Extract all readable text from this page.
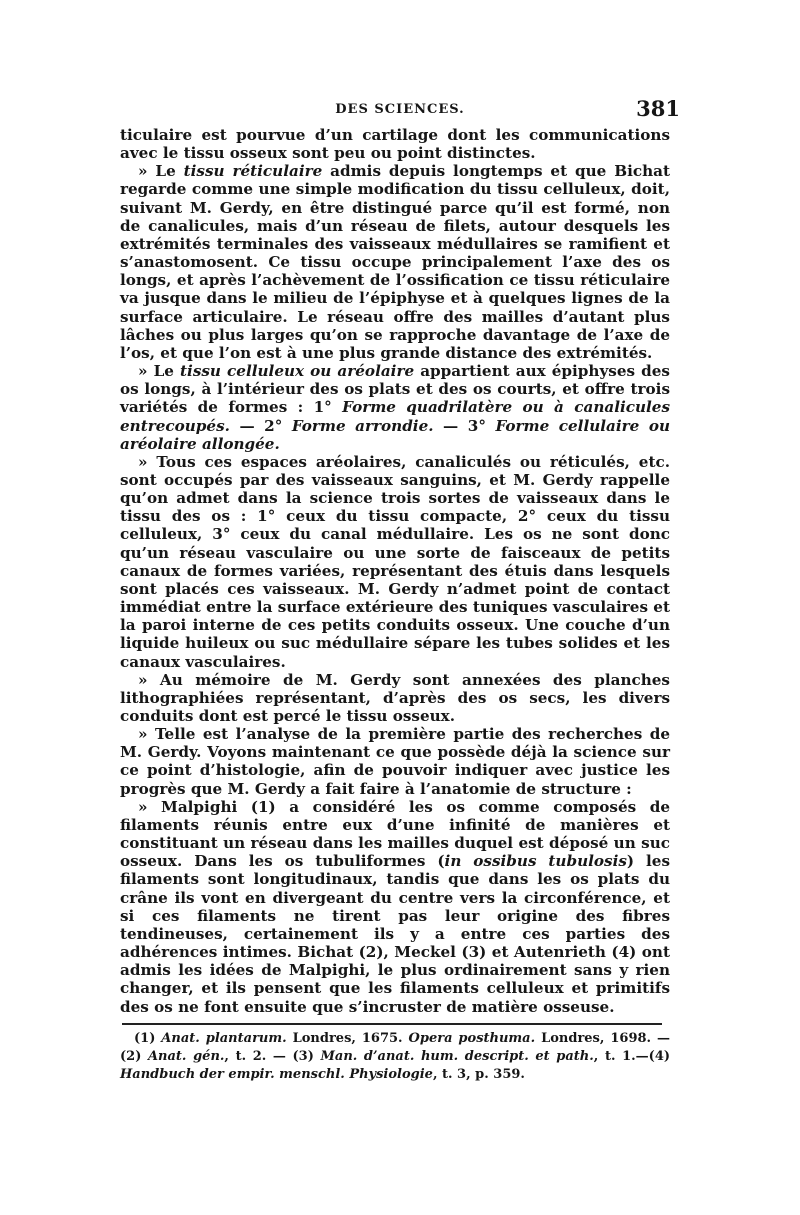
DES SCIENCES.	381

ticulaire est pourvue d’un cartilage dont les communications avec le tissu osseux sont peu ou point distinctes.

» Le tissu réticulaire admis depuis longtemps et que Bichat regarde comme une simple modification du tissu celluleux, doit, suivant M. Gerdy, en être distingué parce qu’il est formé, non de canalicules, mais d’un réseau de filets, autour desquels les extrémités terminales des vaisseaux médullaires se ramifient et s’anastomosent. Ce tissu occupe principalement l’axe des os longs, et après l’achèvement de l’ossification ce tissu réticulaire va jusque dans le milieu de l’épiphyse et à quelques lignes de la surface articulaire. Le réseau offre des mailles d’autant plus lâches ou plus larges qu’on se rapproche davantage de l’axe de l’os, et que l’on est à une plus grande distance des extrémités.

» Le tissu celluleux ou aréolaire appartient aux épiphyses des os longs, à l’intérieur des os plats et des os courts, et offre trois variétés de formes : 1° Forme quadrilatère ou à canalicules entrecoupés. — 2° Forme arrondie. — 3° Forme cellulaire ou aréolaire allongée.

» Tous ces espaces aréolaires, canaliculés ou réticulés, etc. sont occupés par des vaisseaux sanguins, et M. Gerdy rappelle qu’on admet dans la science trois sortes de vaisseaux dans le tissu des os : 1° ceux du tissu compacte, 2° ceux du tissu celluleux, 3° ceux du canal médullaire. Les os ne sont donc qu’un réseau vasculaire ou une sorte de faisceaux de petits canaux de formes variées, représentant des étuis dans lesquels sont placés ces vaisseaux. M. Gerdy n’admet point de contact immédiat entre la surface extérieure des tuniques vasculaires et la paroi interne de ces petits conduits osseux. Une couche d’un liquide huileux ou suc médullaire sépare les tubes solides et les canaux vasculaires.

» Au mémoire de M. Gerdy sont annexées des planches lithographiées représentant, d’après des os secs, les divers conduits dont est percé le tissu osseux.

» Telle est l’analyse de la première partie des recherches de M. Gerdy. Voyons maintenant ce que possède déjà la science sur ce point d’histologie, afin de pouvoir indiquer avec justice les progrès que M. Gerdy a fait faire à l’anatomie de structure :

» Malpighi (1) a considéré les os comme composés de filaments réunis entre eux d’une infinité de manières et constituant un réseau dans les mailles duquel est déposé un suc osseux. Dans les os tubuliformes (in ossibus tubulosis) les filaments sont longitudinaux, tandis que dans les os plats du crâne ils vont en divergeant du centre vers la circonférence, et si ces filaments ne tirent pas leur origine des fibres tendineuses, certainement ils y a entre ces parties des adhérences intimes. Bichat (2), Meckel (3) et Autenrieth (4) ont admis les idées de Malpighi, le plus ordinairement sans y rien changer, et ils pensent que les filaments celluleux et primitifs des os ne font ensuite que s’incruster de matière osseuse.

(1) Anat. plantarum. Londres, 1675. Opera posthuma. Londres, 1698. — (2) Anat. gén., t. 2. — (3) Man. d’anat. hum. descript. et path., t. 1.—(4) Handbuch der empir. menschl. Physiologie, t. 3, p. 359.
